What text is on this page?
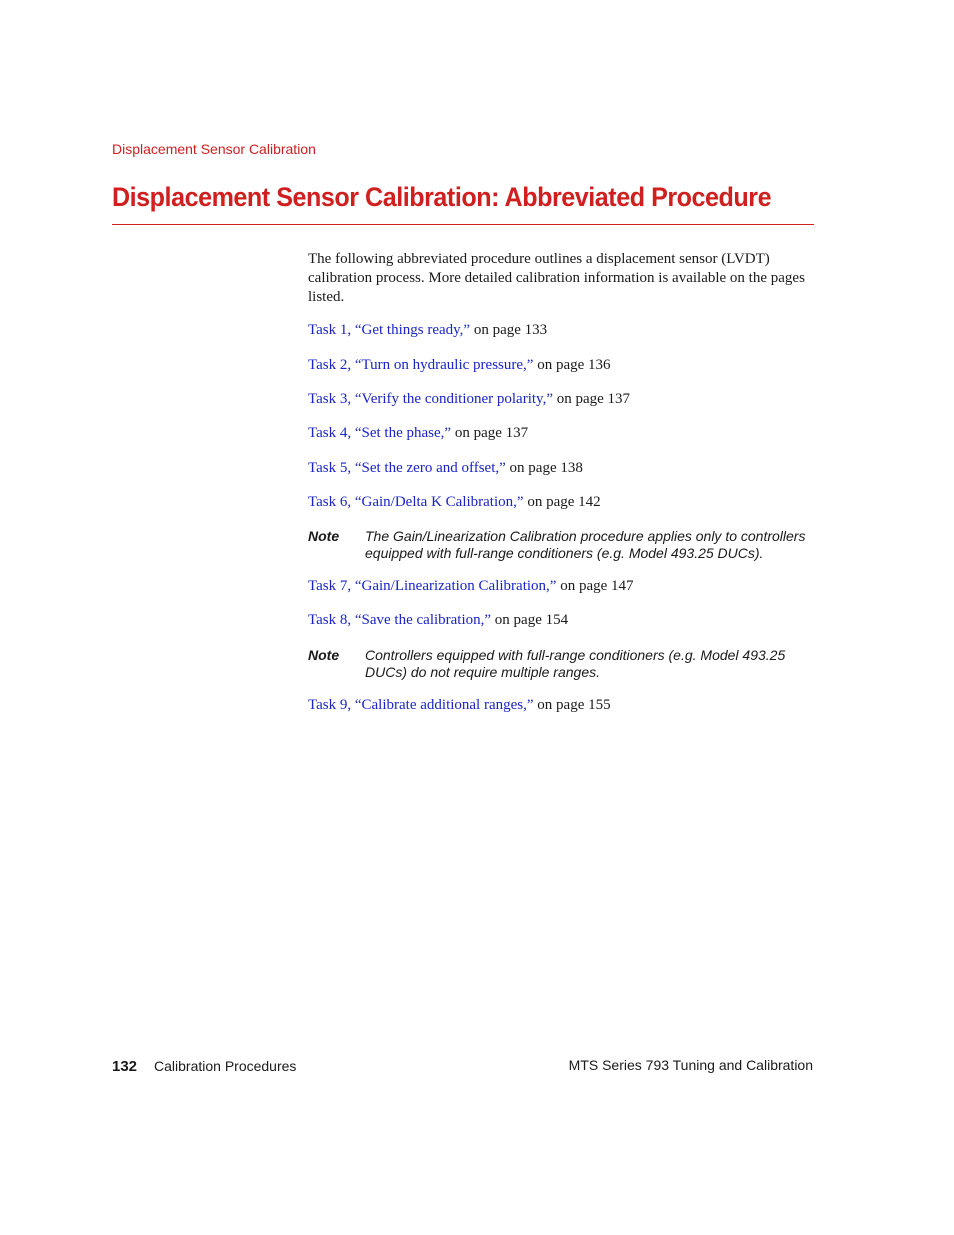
Displacement Sensor Calibration
Displacement Sensor Calibration: Abbreviated Procedure
The following abbreviated procedure outlines a displacement sensor (LVDT) calibration process. More detailed calibration information is available on the pages listed.
Task 1, “Get things ready,” on page 133
Task 2, “Turn on hydraulic pressure,” on page 136
Task 3, “Verify the conditioner polarity,” on page 137
Task 4, “Set the phase,” on page 137
Task 5, “Set the zero and offset,” on page 138
Task 6, “Gain/Delta K Calibration,” on page 142
Note The Gain/Linearization Calibration procedure applies only to controllers equipped with full-range conditioners (e.g. Model 493.25 DUCs).
Task 7, “Gain/Linearization Calibration,” on page 147
Task 8, “Save the calibration,” on page 154
Note Controllers equipped with full-range conditioners (e.g. Model 493.25 DUCs) do not require multiple ranges.
Task 9, “Calibrate additional ranges,” on page 155
132 Calibration Procedures	MTS Series 793 Tuning and Calibration
